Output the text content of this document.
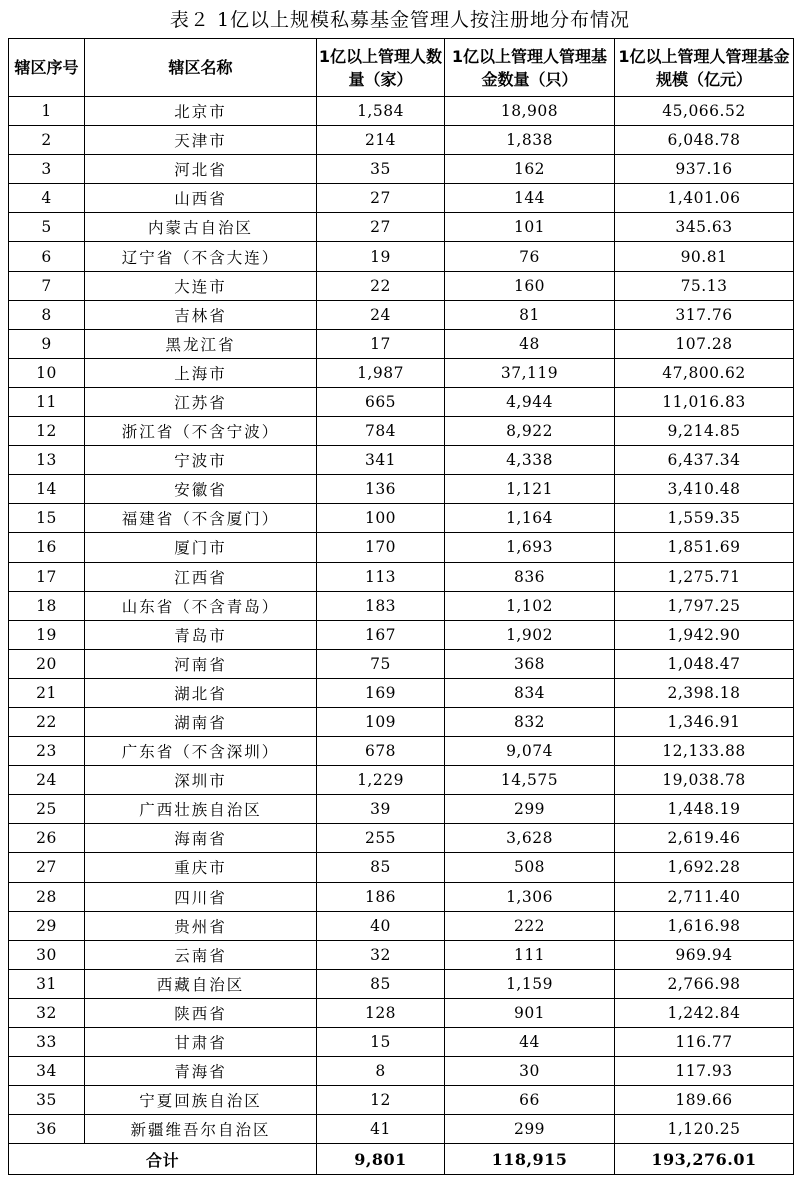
表２ 1亿以上规模私募基金管理人按注册地分布情况
辖区序号	辖区名称	1亿以上管理人数量（家）	1亿以上管理人管理基金数量（只）	1亿以上管理人管理基金规模（亿元）
1	北京市	1,584	18,908	45,066.52
2	天津市	214	1,838	6,048.78
3	河北省	35	162	937.16
4	山西省	27	144	1,401.06
5	内蒙古自治区	27	101	345.63
6	辽宁省（不含大连）	19	76	90.81
7	大连市	22	160	75.13
8	吉林省	24	81	317.76
9	黑龙江省	17	48	107.28
10	上海市	1,987	37,119	47,800.62
11	江苏省	665	4,944	11,016.83
12	浙江省（不含宁波）	784	8,922	9,214.85
13	宁波市	341	4,338	6,437.34
14	安徽省	136	1,121	3,410.48
15	福建省（不含厦门）	100	1,164	1,559.35
16	厦门市	170	1,693	1,851.69
17	江西省	113	836	1,275.71
18	山东省（不含青岛）	183	1,102	1,797.25
19	青岛市	167	1,902	1,942.90
20	河南省	75	368	1,048.47
21	湖北省	169	834	2,398.18
22	湖南省	109	832	1,346.91
23	广东省（不含深圳）	678	9,074	12,133.88
24	深圳市	1,229	14,575	19,038.78
25	广西壮族自治区	39	299	1,448.19
26	海南省	255	3,628	2,619.46
27	重庆市	85	508	1,692.28
28	四川省	186	1,306	2,711.40
29	贵州省	40	222	1,616.98
30	云南省	32	111	969.94
31	西藏自治区	85	1,159	2,766.98
32	陕西省	128	901	1,242.84
33	甘肃省	15	44	116.77
34	青海省	8	30	117.93
35	宁夏回族自治区	12	66	189.66
36	新疆维吾尔自治区	41	299	1,120.25
合计		9,801	118,915	193,276.01
